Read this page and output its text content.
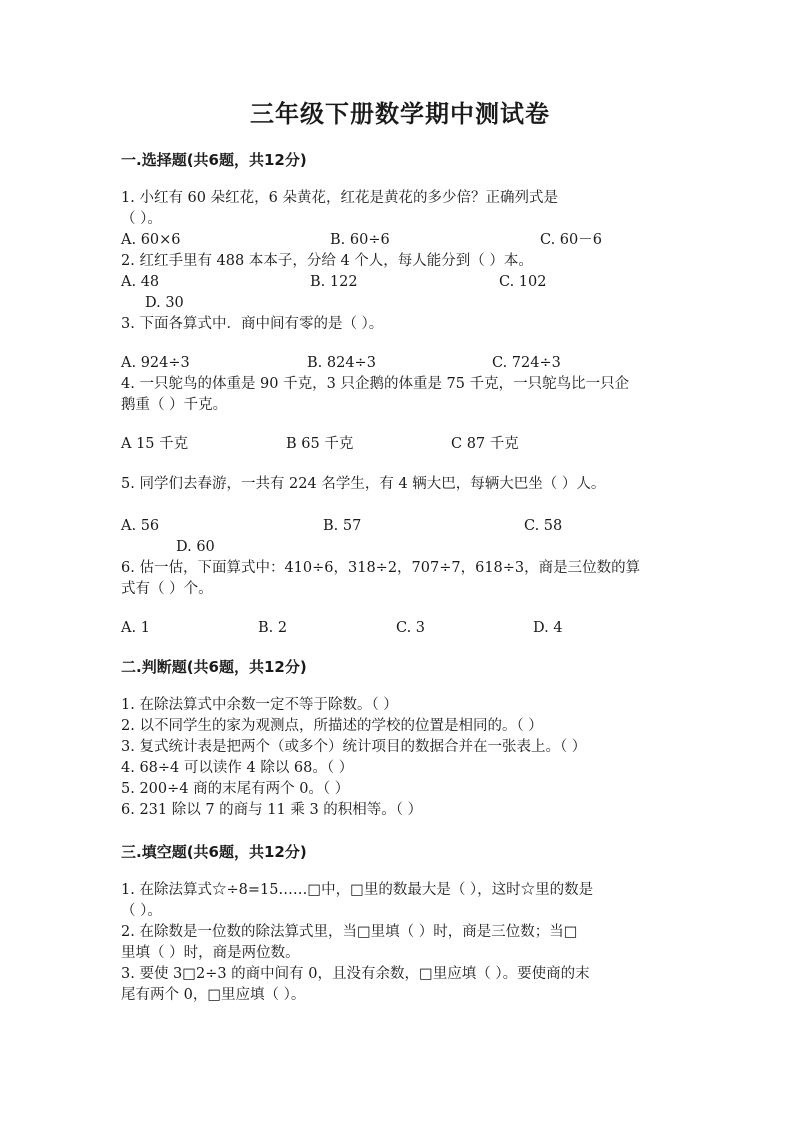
三年级下册数学期中测试卷
一.选择题(共6题，共12分)
1. 小红有 60 朵红花，6 朵黄花，红花是黄花的多少倍？正确列式是
（ ）。
A. 60×6	B. 60÷6	C. 60－6
2. 红红手里有 488 本本子，分给 4 个人，每人能分到（ ）本。
A. 48	B. 122	C. 102
D. 30
3. 下面各算式中．商中间有零的是（ ）。
A. 924÷3	B. 824÷3	C. 724÷3
4. 一只鸵鸟的体重是 90 千克，3 只企鹅的体重是 75 千克，一只鸵鸟比一只企
鹅重（ ）千克。
A 15 千克	B 65 千克	C 87 千克
5. 同学们去春游，一共有 224 名学生，有 4 辆大巴，每辆大巴坐（ ）人。
A. 56	B. 57	C. 58
D. 60
6. 估一估，下面算式中：410÷6，318÷2，707÷7，618÷3，商是三位数的算
式有（ ）个。
A. 1	B. 2	C. 3	D. 4
二.判断题(共6题，共12分)
1. 在除法算式中余数一定不等于除数。（ ）
2. 以不同学生的家为观测点，所描述的学校的位置是相同的。（ ）
3. 复式统计表是把两个（或多个）统计项目的数据合并在一张表上。（ ）
4. 68÷4 可以读作 4 除以 68。（ ）
5. 200÷4 商的末尾有两个 0。（ ）
6. 231 除以 7 的商与 11 乘 3 的积相等。（ ）
三.填空题(共6题，共12分)
1. 在除法算式☆÷8=15……□中，□里的数最大是（ ），这时☆里的数是
（ ）。
2. 在除数是一位数的除法算式里，当□里填（ ）时，商是三位数；当□
里填（ ）时，商是两位数。
3. 要使 3□2÷3 的商中间有 0，且没有余数，□里应填（ ）。要使商的末
尾有两个 0，□里应填（ ）。
